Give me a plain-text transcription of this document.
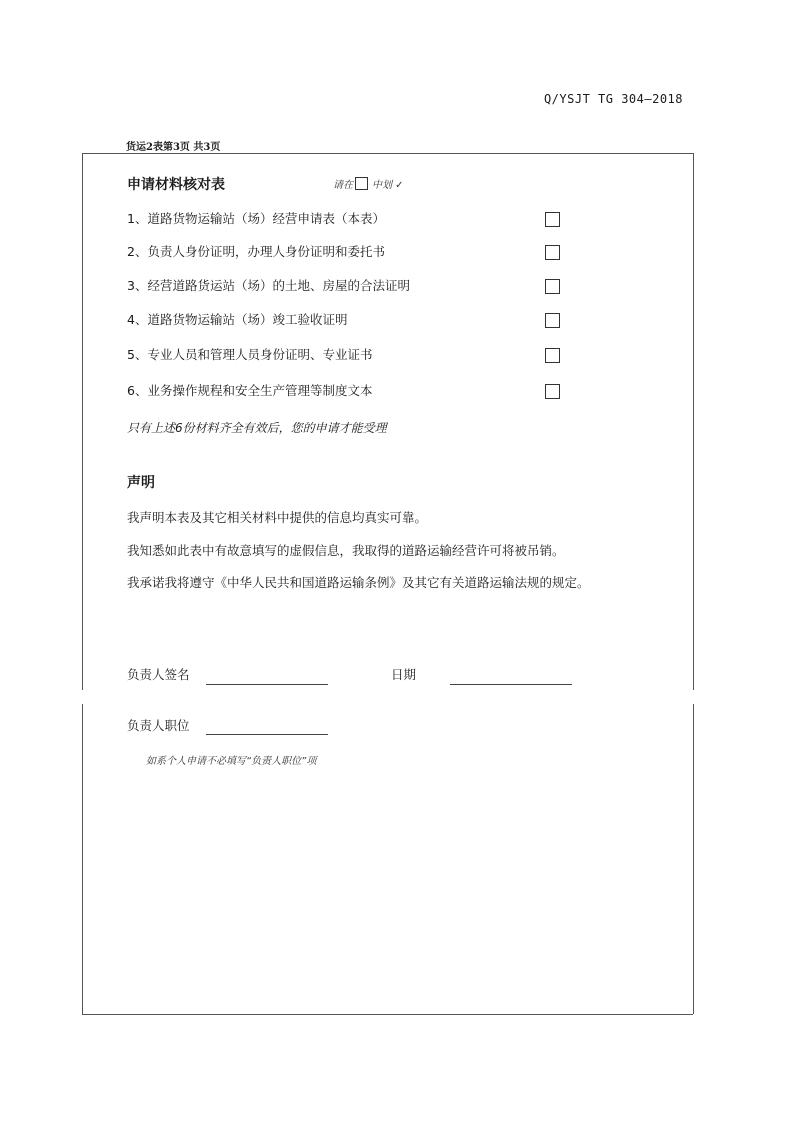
Q/YSJT TG 304—2018
货运2表第3页 共3页
申请材料核对表	请在 中划 ✓
1、道路货物运输站（场）经营申请表（本表）
2、负责人身份证明，办理人身份证明和委托书
3、经营道路货运站（场）的土地、房屋的合法证明
4、道路货物运输站（场）竣工验收证明
5、专业人员和管理人员身份证明、专业证书
6、业务操作规程和安全生产管理等制度文本
只有上述6份材料齐全有效后，您的申请才能受理
声明
我声明本表及其它相关材料中提供的信息均真实可靠。
我知悉如此表中有故意填写的虚假信息，我取得的道路运输经营许可将被吊销。
我承诺我将遵守《中华人民共和国道路运输条例》及其它有关道路运输法规的规定。
负责人签名	日期
负责人职位
如系个人申请不必填写“负责人职位”项
